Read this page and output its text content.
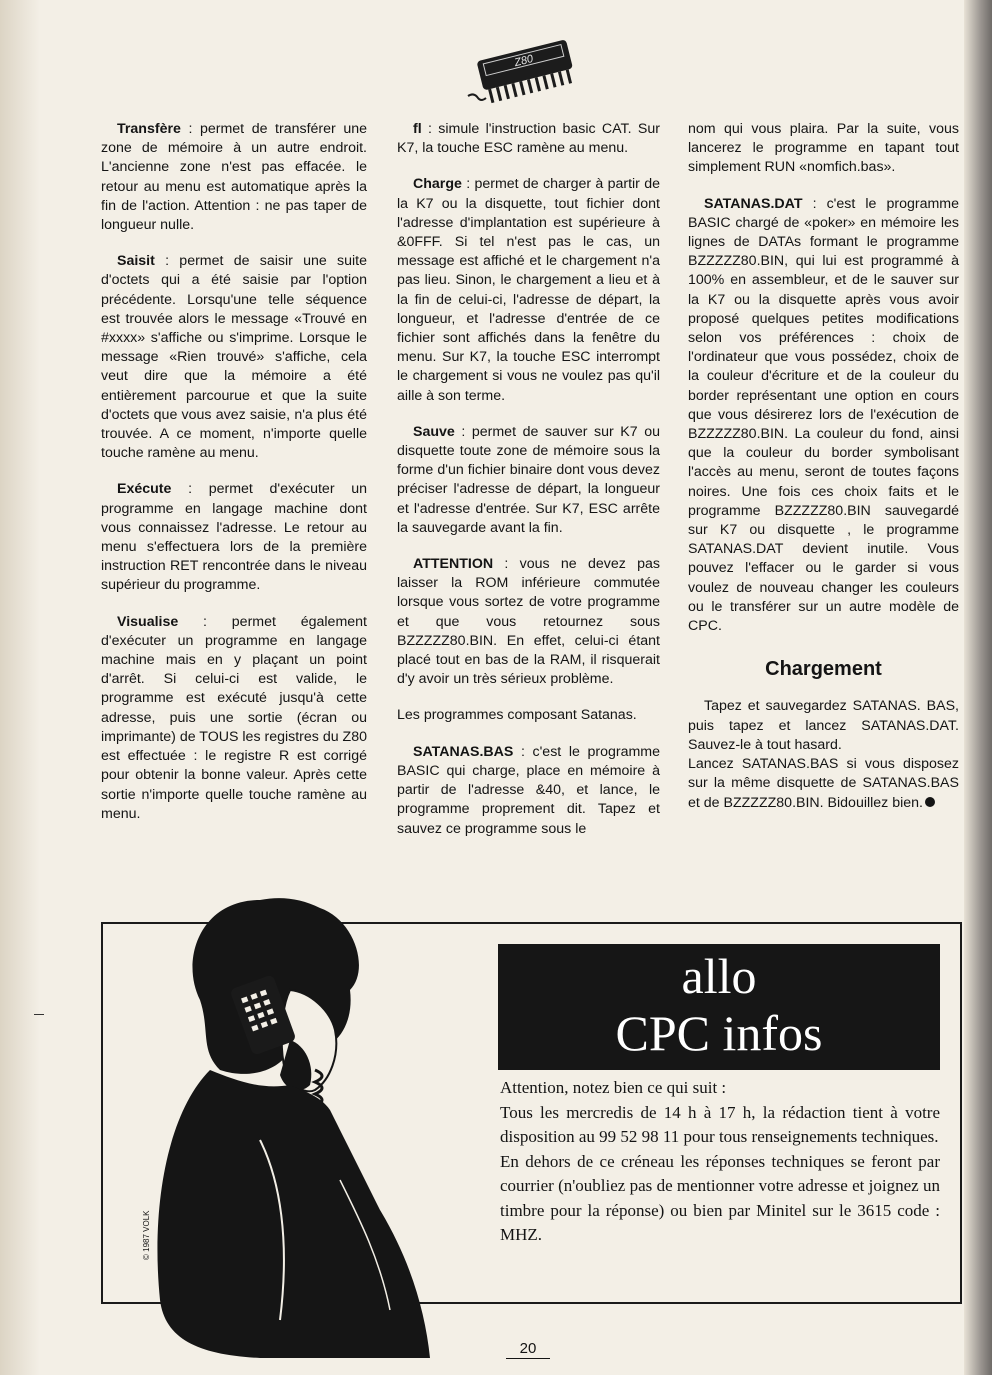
Z80

Transfère : permet de transférer une zone de mémoire à un autre endroit. L'ancienne zone n'est pas effacée. le retour au menu est automatique après la fin de l'action. Attention : ne pas taper de longueur nulle.

Saisit : permet de saisir une suite d'octets qui a été saisie par l'option précédente. Lorsqu'une telle séquence est trouvée alors le message «Trouvé en #xxxx» s'affiche ou s'imprime. Lorsque le message «Rien trouvé» s'affiche, cela veut dire que la mémoire a été entièrement parcourue et que la suite d'octets que vous avez saisie, n'a plus été trouvée. A ce moment, n'importe quelle touche ramène au menu.

Exécute : permet d'exécuter un programme en langage machine dont vous connaissez l'adresse. Le retour au menu s'effectuera lors de la première instruction RET rencontrée dans le niveau supérieur du programme.

Visualise : permet également d'exécuter un programme en langage machine mais en y plaçant un point d'arrêt. Si celui-ci est valide, le programme est exécuté jusqu'à cette adresse, puis une sortie (écran ou imprimante) de TOUS les registres du Z80 est effectuée : le registre R est corrigé pour obtenir la bonne valeur. Après cette sortie n'importe quelle touche ramène au menu.

fl : simule l'instruction basic CAT. Sur K7, la touche ESC ramène au menu.

Charge : permet de charger à partir de la K7 ou la disquette, tout fichier dont l'adresse d'implantation est supérieure à &0FFF. Si tel n'est pas le cas, un message est affiché et le chargement n'a pas lieu. Sinon, le chargement a lieu et à la fin de celui-ci, l'adresse de départ, la longueur, et l'adresse d'entrée de ce fichier sont affichés dans la fenêtre du menu. Sur K7, la touche ESC interrompt le chargement si vous ne voulez pas qu'il aille à son terme.

Sauve : permet de sauver sur K7 ou disquette toute zone de mémoire sous la forme d'un fichier binaire dont vous devez préciser l'adresse de départ, la longueur et l'adresse d'entrée. Sur K7, ESC arrête la sauvegarde avant la fin.

ATTENTION : vous ne devez pas laisser la ROM inférieure commutée lorsque vous sortez de votre programme et que vous retournez sous BZZZZZ80.BIN. En effet, celui-ci étant placé tout en bas de la RAM, il risquerait d'y avoir un très sérieux problème.

Les programmes composant Satanas.

SATANAS.BAS : c'est le programme BASIC qui charge, place en mémoire à partir de l'adresse &40, et lance, le programme proprement dit. Tapez et sauvez ce programme sous le

nom qui vous plaira. Par la suite, vous lancerez le programme en tapant tout simplement RUN «nomfich.bas».

SATANAS.DAT : c'est le programme BASIC chargé de «poker» en mémoire les lignes de DATAs formant le programme BZZZZZ80.BIN, qui lui est programmé à 100% en assembleur, et de le sauver sur la K7 ou la disquette après vous avoir proposé quelques petites modifications selon vos préférences : choix de l'ordinateur que vous possédez, choix de la couleur d'écriture et de la couleur du border représentant une option en cours que vous désirerez lors de l'exécution de BZZZZZ80.BIN. La couleur du fond, ainsi que la couleur du border symbolisant l'accès au menu, seront de toutes façons noires. Une fois ces choix faits et le programme BZZZZZ80.BIN sauvegardé sur K7 ou disquette , le programme SATANAS.DAT devient inutile. Vous pouvez l'effacer ou le garder si vous voulez de nouveau changer les couleurs ou le transférer sur un autre modèle de CPC.

Chargement

Tapez et sauvegardez SATANAS. BAS, puis tapez et lancez SATANAS.DAT. Sauvez-le à tout hasard.

Lancez SATANAS.BAS si vous disposez sur la même disquette de SATANAS.BAS et de BZZZZZ80.BIN. Bidouillez bien.

allo
CPC infos

Attention, notez bien ce qui suit :

Tous les mercredis de 14 h à 17 h, la rédaction tient à votre disposition au 99 52 98 11 pour tous renseignements techniques.

En dehors de ce créneau les réponses techniques se feront par courrier (n'oubliez pas de mentionner votre adresse et joignez un timbre pour la réponse) ou bien par Minitel sur le 3615 code : MHZ.

© 1987 VOLK
20
